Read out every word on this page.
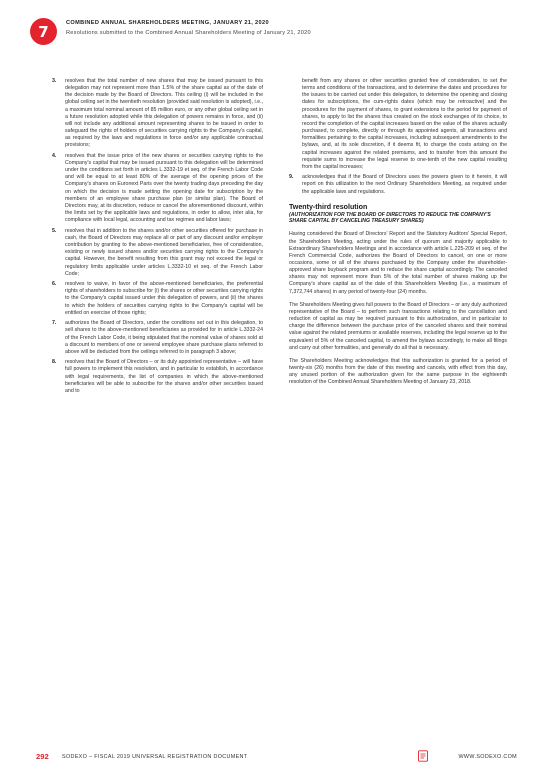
7	COMBINED ANNUAL SHAREHOLDERS MEETING, JANUARY 21, 2020
Resolutions submitted to the Combined Annual Shareholders Meeting of January 21, 2020
3.	resolves that the total number of new shares that may be issued pursuant to this delegation may not represent more than 1.5% of the share capital as of the date of the decision made by the Board of Directors. This ceiling (i) will be included in the global ceiling set in the twentieth resolution (provided said resolution is adopted), i.e., a maximum total nominal amount of 85 million euro, or any other global ceiling set in a future resolution adopted while this delegation of powers remains in force, and (ii) will not include any additional amount representing shares to be issued in order to safeguard the rights of holders of securities carrying rights to the Company's capital, as required by the laws and regulations in force and/or any applicable contractual provisions;
4.	resolves that the issue price of the new shares or securities carrying rights to the Company's capital that may be issued pursuant to this delegation will be determined under the conditions set forth in articles L.3332-19 et seq. of the French Labor Code and will be equal to at least 80% of the average of the opening prices of the Company's shares on Euronext Paris over the twenty trading days preceding the day on which the decision is made setting the opening date for subscription by the members of an employee share purchase plan (or similar plan). The Board of Directors may, at its discretion, reduce or cancel the aforementioned discount, within the limits set by the applicable laws and regulations, in order to allow, inter alia, for compliance with local legal, accounting and tax regimes and labor laws;
5.	resolves that in addition to the shares and/or other securities offered for purchase in cash, the Board of Directors may replace all or part of any discount and/or employer contribution by granting to the above-mentioned beneficiaries, free of consideration, existing or newly issued shares and/or securities carrying rights to the Company's capital. However, the benefit resulting from this grant may not exceed the legal or regulatory limits applicable under articles L.3332-10 et seq. of the French Labor Code;
6.	resolves to waive, in favor of the above-mentioned beneficiaries, the preferential rights of shareholders to subscribe for (i) the shares or other securities carrying rights to the Company's capital issued under this delegation of powers, and (ii) the shares to which the holders of securities carrying rights to the Company's capital will be entitled on exercise of those rights;
7.	authorizes the Board of Directors, under the conditions set out in this delegation, to sell shares to the above-mentioned beneficiaries as provided for in article L.3332-24 of the French Labor Code, it being stipulated that the nominal value of shares sold at a discount to members of one or several employee share purchase plans referred to above will be deducted from the ceilings referred to in paragraph 3 above;
8.	resolves that the Board of Directors – or its duly appointed representative – will have full powers to implement this resolution, and in particular to establish, in accordance with legal requirements, the list of companies in which the above-mentioned beneficiaries will be able to subscribe for the shares and/or other securities issued and to
benefit from any shares or other securities granted free of consideration, to set the terms and conditions of the transactions, and to determine the dates and procedures for the issues to be carried out under this delegation, to determine the opening and closing dates for subscriptions, the cum-rights dates (which may be retroactive) and the procedures for the payment of shares, to grant extensions to the period for payment of shares, to apply to list the shares thus created on the stock exchanges of its choice, to record the completion of the capital increases based on the value of the shares actually purchased, to complete, directly or through its appointed agents, all transactions and formalities pertaining to the capital increases, including subsequent amendments to the bylaws, and, at its sole discretion, if it deems fit, to charge the costs arising on the capital increases against the related premiums, and to transfer from this amount the requisite sums to increase the legal reserve to one-tenth of the new capital resulting from the capital increases;
9.	acknowledges that if the Board of Directors uses the powers given to it herein, it will report on this utilization to the next Ordinary Shareholders Meeting, as required under the applicable laws and regulations.
Twenty-third resolution
(AUTHORIZATION FOR THE BOARD OF DIRECTORS TO REDUCE THE COMPANY'S SHARE CAPITAL BY CANCELING TREASURY SHARES)

Having considered the Board of Directors' Report and the Statutory Auditors' Special Report, the Shareholders Meeting, acting under the rules of quorum and majority applicable to Extraordinary Shareholders Meetings and in accordance with article L.225-209 et seq. of the French Commercial Code, authorizes the Board of Directors to cancel, on one or more occasions, some or all of the shares purchased by the Company under the shareholder-approved share buyback program and to reduce the share capital accordingly. The canceled shares may not represent more than 5% of the total number of shares making up the Company's share capital as of the date of this Shareholders Meeting (i.e., a maximum of 7,372,744 shares) in any period of twenty-four (24) months.

The Shareholders Meeting gives full powers to the Board of Directors – or any duly authorized representative of the Board – to perform such transactions relating to the cancellation and reduction of capital as may be required pursuant to this authorization, and in particular to charge the difference between the purchase price of the canceled shares and their nominal value against the related premiums or available reserves, including the legal reserve up to the equivalent of 5% of the canceled capital, to amend the bylaws accordingly, to make all filings and carry out other formalities, and generally do all that is necessary.

The Shareholders Meeting acknowledges that this authorization is granted for a period of twenty-six (26) months from the date of this meeting and cancels, with effect from this day, any unused portion of the authorization given for the same purpose in the eighteenth resolution of the Combined Annual Shareholders Meeting of January 23, 2018.

292 SODEXO – FISCAL 2019 UNIVERSAL REGISTRATION DOCUMENT	WWW.SODEXO.COM
